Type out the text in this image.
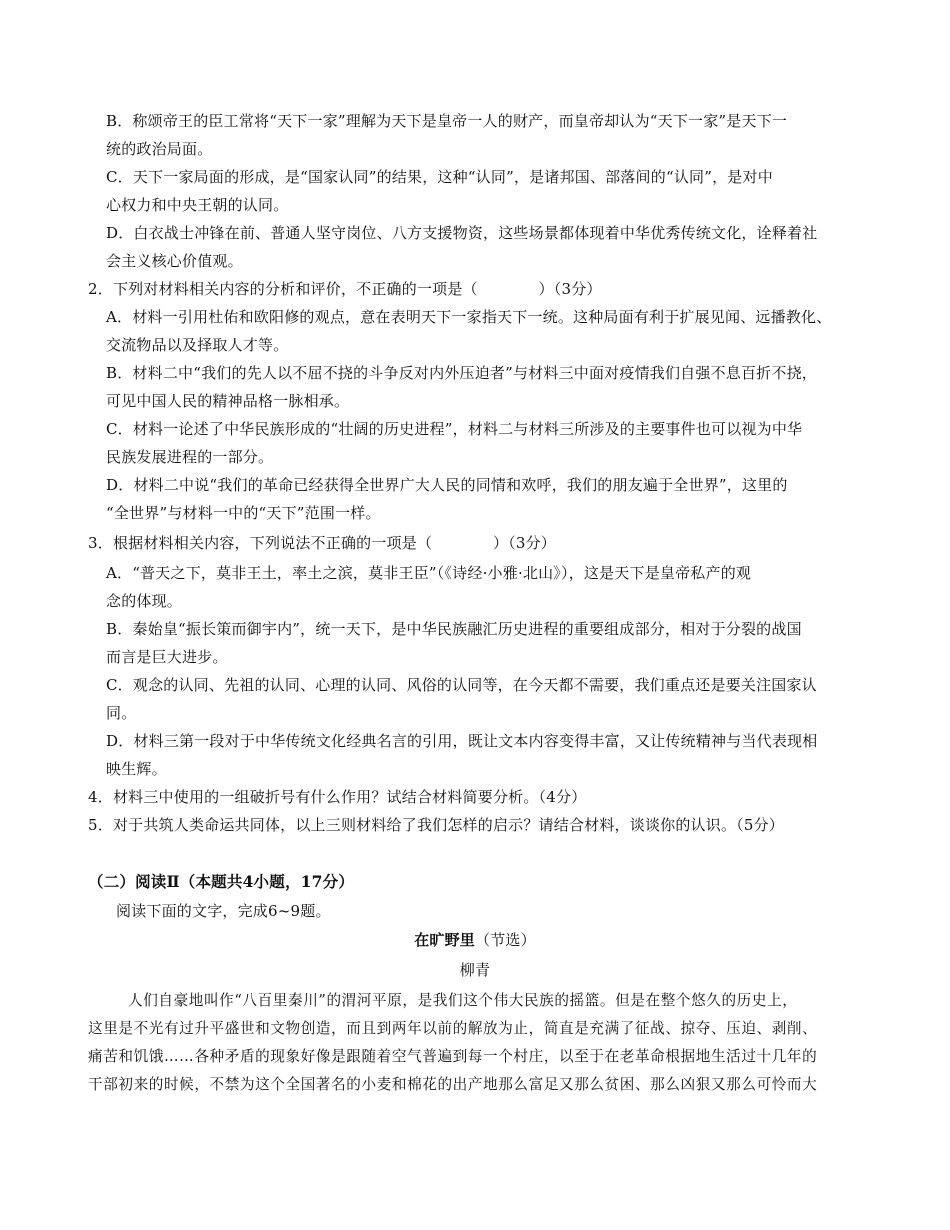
B．称颂帝王的臣工常将“天下一家”理解为天下是皇帝一人的财产，而皇帝却认为“天下一家”是天下一
统的政治局面。
C．天下一家局面的形成，是“国家认同”的结果，这种“认同”，是诸邦国、部落间的“认同”，是对中
心权力和中央王朝的认同。
D．白衣战士冲锋在前、普通人坚守岗位、八方支援物资，这些场景都体现着中华优秀传统文化，诠释着社
会主义核心价值观。
2．下列对材料相关内容的分析和评价，不正确的一项是（　　　　）（3分）
A．材料一引用杜佑和欧阳修的观点，意在表明天下一家指天下一统。这种局面有利于扩展见闻、远播教化、
交流物品以及择取人才等。
B．材料二中“我们的先人以不屈不挠的斗争反对内外压迫者”与材料三中面对疫情我们自强不息百折不挠，
可见中国人民的精神品格一脉相承。
C．材料一论述了中华民族形成的“壮阔的历史进程”，材料二与材料三所涉及的主要事件也可以视为中华
民族发展进程的一部分。
D．材料二中说“我们的革命已经获得全世界广大人民的同情和欢呼，我们的朋友遍于全世界”，这里的
“全世界”与材料一中的“天下”范围一样。
3．根据材料相关内容，下列说法不正确的一项是（　　　　）（3分）
A．“普天之下，莫非王土，率土之滨，莫非王臣”（《诗经·小雅·北山》），这是天下是皇帝私产的观
念的体现。
B．秦始皇“振长策而御宇内”，统一天下，是中华民族融汇历史进程的重要组成部分，相对于分裂的战国
而言是巨大进步。
C．观念的认同、先祖的认同、心理的认同、风俗的认同等，在今天都不需要，我们重点还是要关注国家认
同。
D．材料三第一段对于中华传统文化经典名言的引用，既让文本内容变得丰富，又让传统精神与当代表现相
映生辉。
4．材料三中使用的一组破折号有什么作用？试结合材料简要分析。（4分）
5．对于共筑人类命运共同体，以上三则材料给了我们怎样的启示？请结合材料，谈谈你的认识。（5分）
（二）阅读Ⅱ（本题共4小题，17分）
阅读下面的文字，完成6~9题。
在旷野里（节选）
柳青
人们自豪地叫作“八百里秦川”的渭河平原，是我们这个伟大民族的摇篮。但是在整个悠久的历史上，
这里是不光有过升平盛世和文物创造，而且到两年以前的解放为止，简直是充满了征战、掠夺、压迫、剥削、
痛苦和饥饿……各种矛盾的现象好像是跟随着空气普遍到每一个村庄，以至于在老革命根据地生活过十几年的
干部初来的时候，不禁为这个全国著名的小麦和棉花的出产地那么富足又那么贫困、那么凶狠又那么可怜而大
